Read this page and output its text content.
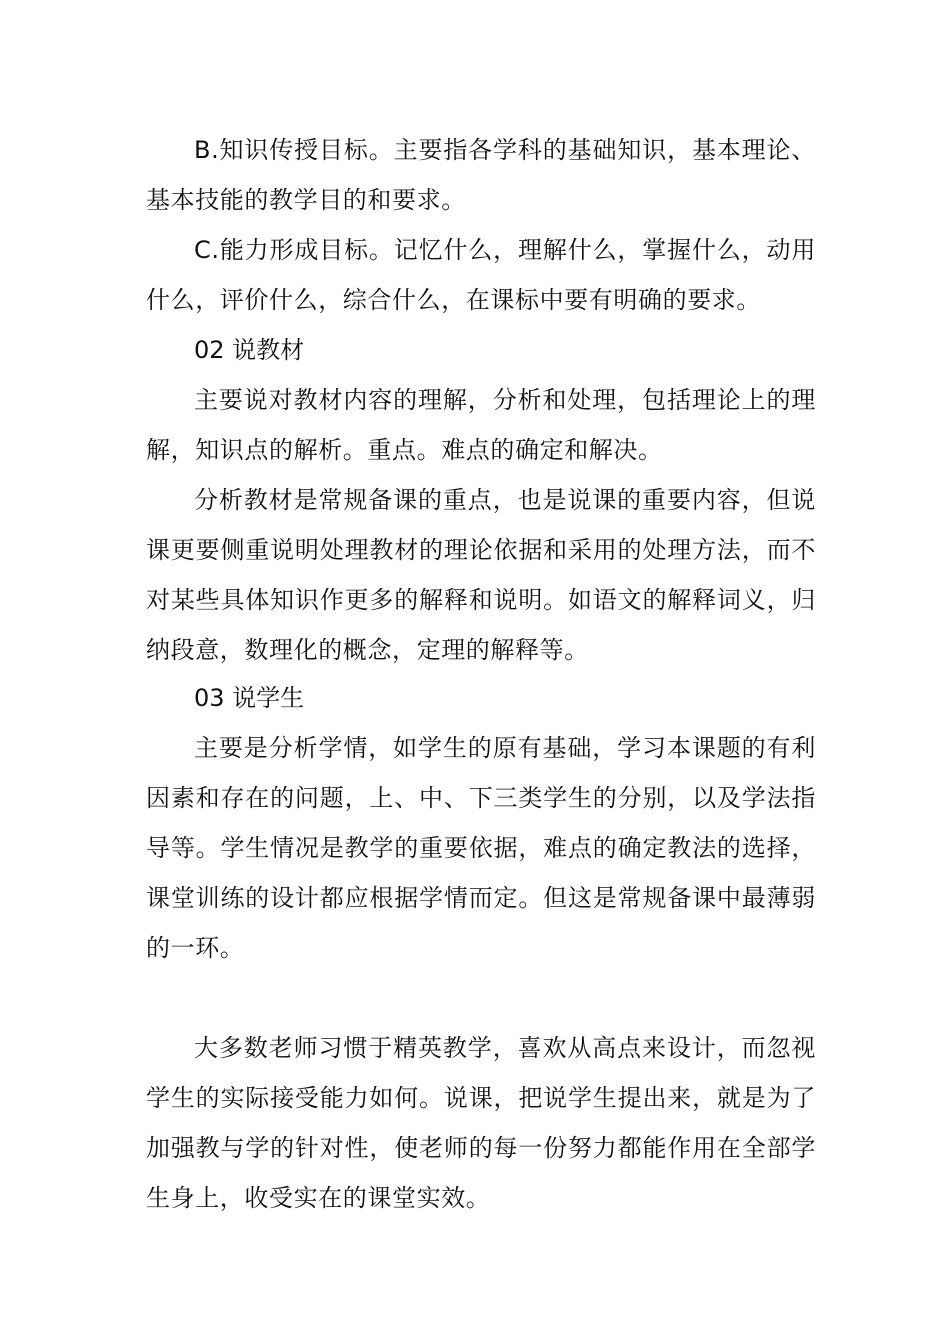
B.知识传授目标。主要指各学科的基础知识，基本理论、基本技能的教学目的和要求。

C.能力形成目标。记忆什么，理解什么，掌握什么，动用什么，评价什么，综合什么，在课标中要有明确的要求。

02 说教材

主要说对教材内容的理解，分析和处理，包括理论上的理解，知识点的解析。重点。难点的确定和解决。

分析教材是常规备课的重点，也是说课的重要内容，但说课更要侧重说明处理教材的理论依据和采用的处理方法，而不对某些具体知识作更多的解释和说明。如语文的解释词义，归纳段意，数理化的概念，定理的解释等。

03 说学生

主要是分析学情，如学生的原有基础，学习本课题的有利因素和存在的问题，上、中、下三类学生的分别，以及学法指导等。学生情况是教学的重要依据，难点的确定教法的选择，课堂训练的设计都应根据学情而定。但这是常规备课中最薄弱的一环。

大多数老师习惯于精英教学，喜欢从高点来设计，而忽视学生的实际接受能力如何。说课，把说学生提出来，就是为了加强教与学的针对性，使老师的每一份努力都能作用在全部学生身上，收受实在的课堂实效。
